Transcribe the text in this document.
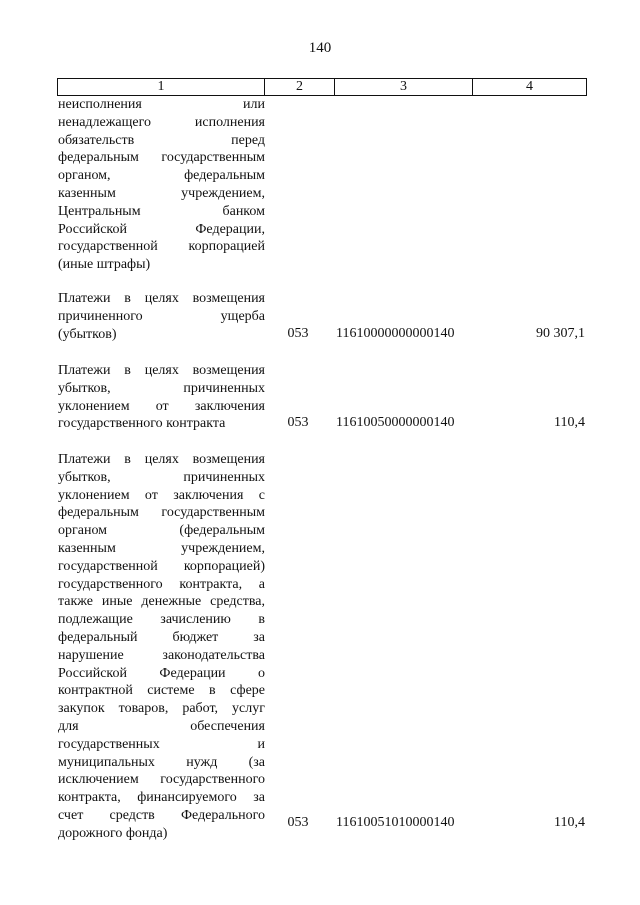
140
1	2	3	4
неисполнения или
ненадлежащего исполнения
обязательств перед
федеральным государственным
органом, федеральным
казенным учреждением,
Центральным банком
Российской Федерации,
государственной корпорацией
(иные штрафы)
Платежи в целях возмещения
причиненного ущерба
(убытков)	053	11610000000000140	90 307,1
Платежи в целях возмещения
убытков, причиненных
уклонением от заключения
государственного контракта	053	11610050000000140	110,4
Платежи в целях возмещения
убытков, причиненных
уклонением от заключения с
федеральным государственным
органом (федеральным
казенным учреждением,
государственной корпорацией)
государственного контракта, а
также иные денежные средства,
подлежащие зачислению в
федеральный бюджет за
нарушение законодательства
Российской Федерации о
контрактной системе в сфере
закупок товаров, работ, услуг
для обеспечения
государственных и
муниципальных нужд (за
исключением государственного
контракта, финансируемого за
счет средств Федерального
дорожного фонда)
053	11610051010000140	110,4
